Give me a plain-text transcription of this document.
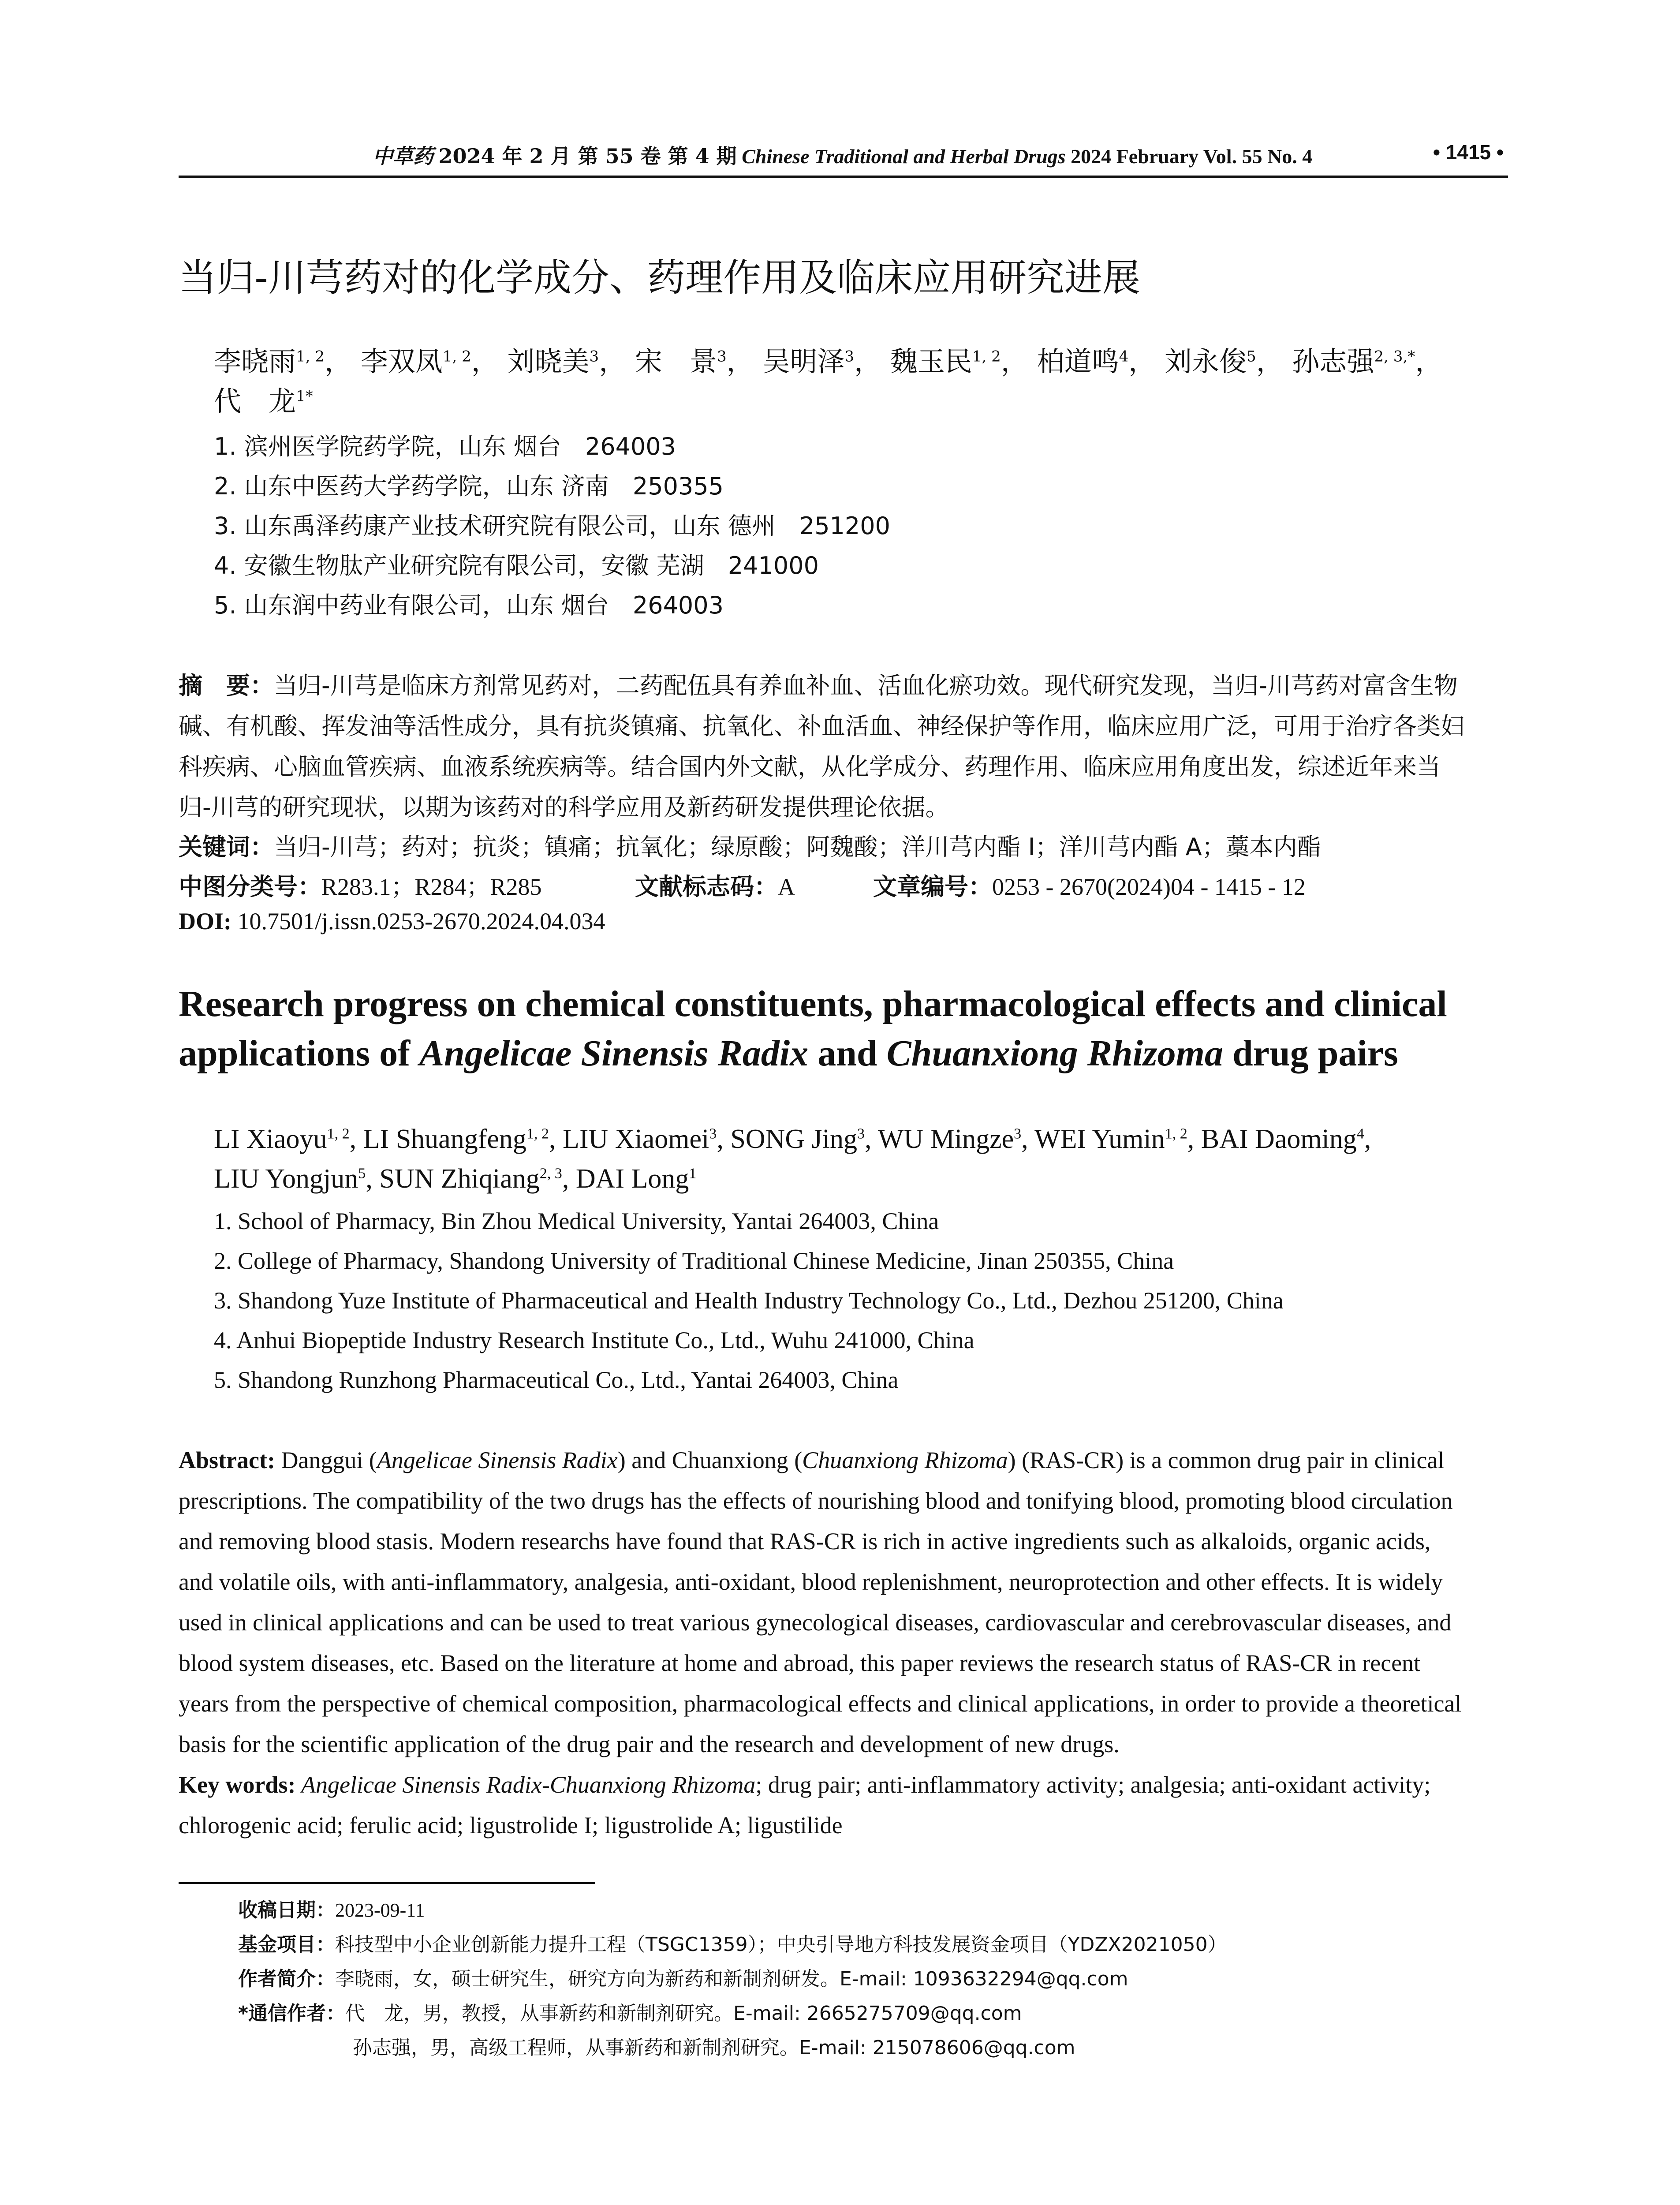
中草药 2024 年 2 月 第 55 卷 第 4 期 Chinese Traditional and Herbal Drugs 2024 February Vol. 55 No. 4	• 1415 •
当归-川芎药对的化学成分、药理作用及临床应用研究进展
李晓雨$^{1, 2}$， 李双凤$^{1, 2}$， 刘晓美$^3$， 宋　景$^3$， 吴明泽$^3$， 魏玉民$^{1, 2}$， 柏道鸣$^4$， 刘永俊$^5$， 孙志强$^{2, 3,*}$，
代　龙$^{1*}$
1. 滨州医学院药学院，山东 烟台　264003
2. 山东中医药大学药学院，山东 济南　250355
3. 山东禹泽药康产业技术研究院有限公司，山东 德州　251200
4. 安徽生物肽产业研究院有限公司，安徽 芜湖　241000
5. 山东润中药业有限公司，山东 烟台　264003
摘　要：当归-川芎是临床方剂常见药对，二药配伍具有养血补血、活血化瘀功效。现代研究发现，当归-川芎药对富含生物
碱、有机酸、挥发油等活性成分，具有抗炎镇痛、抗氧化、补血活血、神经保护等作用，临床应用广泛，可用于治疗各类妇
科疾病、心脑血管疾病、血液系统疾病等。结合国内外文献，从化学成分、药理作用、临床应用角度出发，综述近年来当
归-川芎的研究现状，以期为该药对的科学应用及新药研发提供理论依据。
关键词：当归-川芎；药对；抗炎；镇痛；抗氧化；绿原酸；阿魏酸；洋川芎内酯 I；洋川芎内酯 A；藁本内酯
中图分类号：R283.1；R284；R285	文献标志码：A	文章编号：0253 - 2670(2024)04 - 1415 - 12
DOI: 10.7501/j.issn.0253-2670.2024.04.034
Research progress on chemical constituents, pharmacological effects and clinical
applications of Angelicae Sinensis Radix and Chuanxiong Rhizoma drug pairs
LI Xiaoyu$^{1, 2}$, LI Shuangfeng$^{1, 2}$, LIU Xiaomei$^3$, SONG Jing$^3$, WU Mingze$^3$, WEI Yumin$^{1, 2}$, BAI Daoming$^4$,
LIU Yongjun$^5$, SUN Zhiqiang$^{2, 3}$, DAI Long$^1$
1. School of Pharmacy, Bin Zhou Medical University, Yantai 264003, China
2. College of Pharmacy, Shandong University of Traditional Chinese Medicine, Jinan 250355, China
3. Shandong Yuze Institute of Pharmaceutical and Health Industry Technology Co., Ltd., Dezhou 251200, China
4. Anhui Biopeptide Industry Research Institute Co., Ltd., Wuhu 241000, China
5. Shandong Runzhong Pharmaceutical Co., Ltd., Yantai 264003, China
Abstract: Danggui (Angelicae Sinensis Radix) and Chuanxiong (Chuanxiong Rhizoma) (RAS-CR) is a common drug pair in clinical
prescriptions. The compatibility of the two drugs has the effects of nourishing blood and tonifying blood, promoting blood circulation
and removing blood stasis. Modern researchs have found that RAS-CR is rich in active ingredients such as alkaloids, organic acids,
and volatile oils, with anti-inflammatory, analgesia, anti-oxidant, blood replenishment, neuroprotection and other effects. It is widely
used in clinical applications and can be used to treat various gynecological diseases, cardiovascular and cerebrovascular diseases, and
blood system diseases, etc. Based on the literature at home and abroad, this paper reviews the research status of RAS-CR in recent
years from the perspective of chemical composition, pharmacological effects and clinical applications, in order to provide a theoretical
basis for the scientific application of the drug pair and the research and development of new drugs.
Key words: Angelicae Sinensis Radix-Chuanxiong Rhizoma; drug pair; anti-inflammatory activity; analgesia; anti-oxidant activity;
chlorogenic acid; ferulic acid; ligustrolide I; ligustrolide A; ligustilide
收稿日期：2023-09-11
基金项目：科技型中小企业创新能力提升工程（TSGC1359）；中央引导地方科技发展资金项目（YDZX2021050）
作者简介：李晓雨，女，硕士研究生，研究方向为新药和新制剂研发。E-mail: 1093632294@qq.com
*通信作者：代　龙，男，教授，从事新药和新制剂研究。E-mail: 2665275709@qq.com
孙志强，男，高级工程师，从事新药和新制剂研究。E-mail: 215078606@qq.com
